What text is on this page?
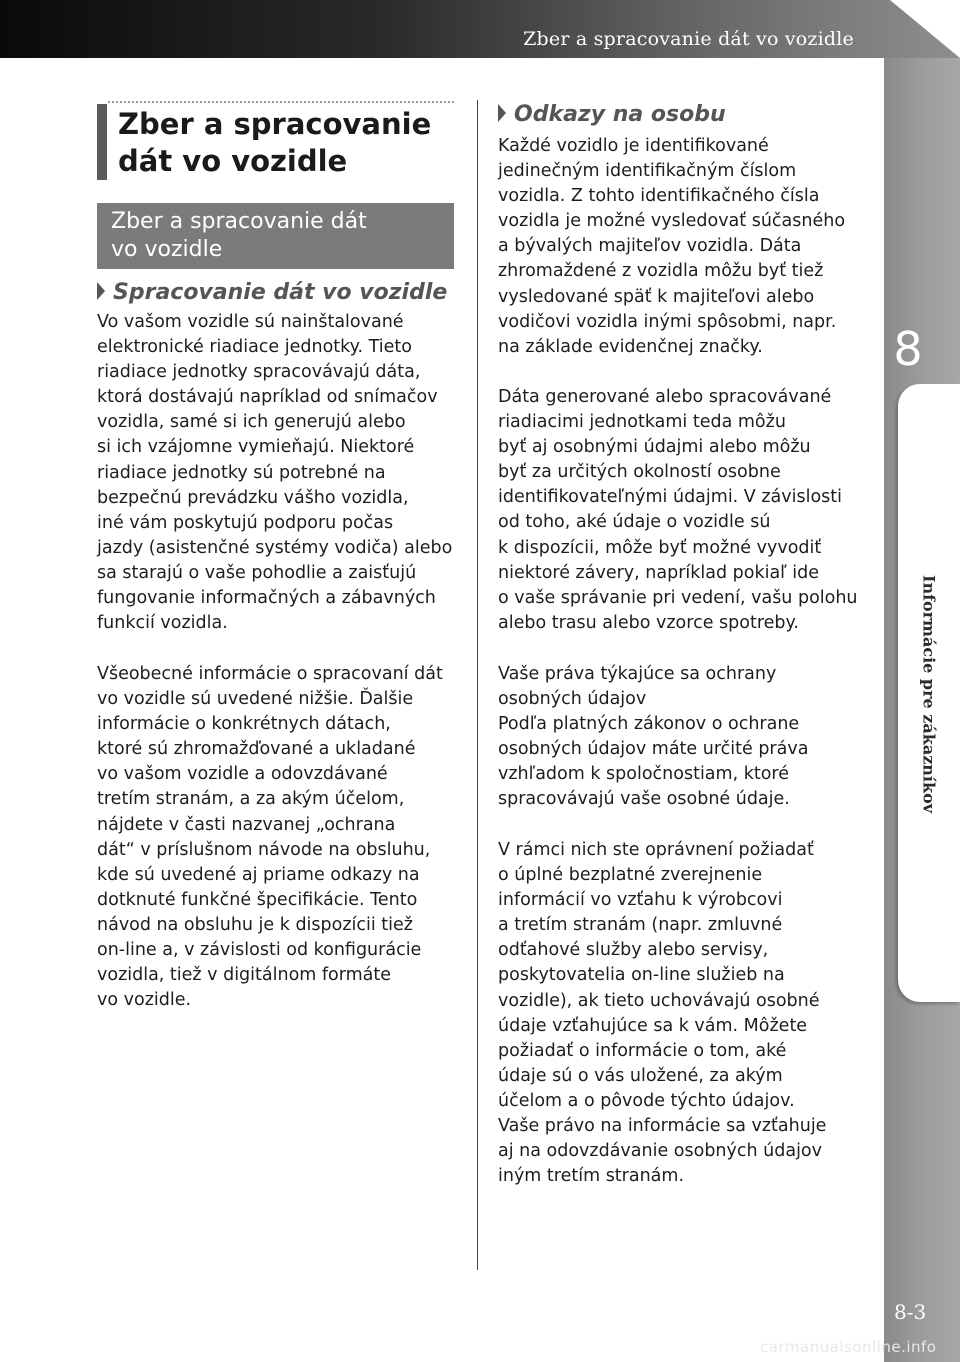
Zber a spracovanie dát vo vozidle
8
Informácie pre zákazníkov
8-3
carmanualsonline.info
Zber a spracovanie
dát vo vozidle
Zber a spracovanie dát
vo vozidle
Spracovanie dát vo vozidle
Vo vašom vozidle sú nainštalované
elektronické riadiace jednotky. Tieto
riadiace jednotky spracovávajú dáta,
ktorá dostávajú napríklad od snímačov
vozidla, samé si ich generujú alebo
si ich vzájomne vymieňajú. Niektoré
riadiace jednotky sú potrebné na
bezpečnú prevádzku vášho vozidla,
iné vám poskytujú podporu počas
jazdy (asistenčné systémy vodiča) alebo
sa starajú o vaše pohodlie a zaisťujú
fungovanie informačných a zábavných
funkcií vozidla.
Všeobecné informácie o spracovaní dát
vo vozidle sú uvedené nižšie. Ďalšie
informácie o konkrétnych dátach,
ktoré sú zhromažďované a ukladané
vo vašom vozidle a odovzdávané
tretím stranám, a za akým účelom,
nájdete v časti nazvanej „ochrana
dát“ v príslušnom návode na obsluhu,
kde sú uvedené aj priame odkazy na
dotknuté funkčné špecifikácie. Tento
návod na obsluhu je k dispozícii tiež
on-line a, v závislosti od konfigurácie
vozidla, tiež v digitálnom formáte
vo vozidle.
Odkazy na osobu
Každé vozidlo je identifikované
jedinečným identifikačným číslom
vozidla. Z tohto identifikačného čísla
vozidla je možné vysledovať súčasného
a bývalých majiteľov vozidla. Dáta
zhromaždené z vozidla môžu byť tiež
vysledované späť k majiteľovi alebo
vodičovi vozidla inými spôsobmi, napr.
na základe evidenčnej značky.
Dáta generované alebo spracovávané
riadiacimi jednotkami teda môžu
byť aj osobnými údajmi alebo môžu
byť za určitých okolností osobne
identifikovateľnými údajmi. V závislosti
od toho, aké údaje o vozidle sú
k dispozícii, môže byť možné vyvodiť
niektoré závery, napríklad pokiaľ ide
o vaše správanie pri vedení, vašu polohu
alebo trasu alebo vzorce spotreby.
Vaše práva týkajúce sa ochrany
osobných údajov
Podľa platných zákonov o ochrane
osobných údajov máte určité práva
vzhľadom k spoločnostiam, ktoré
spracovávajú vaše osobné údaje.
V rámci nich ste oprávnení požiadať
o úplné bezplatné zverejnenie
informácií vo vzťahu k výrobcovi
a tretím stranám (napr. zmluvné
odťahové služby alebo servisy,
poskytovatelia on-line služieb na
vozidle), ak tieto uchovávajú osobné
údaje vzťahujúce sa k vám. Môžete
požiadať o informácie o tom, aké
údaje sú o vás uložené, za akým
účelom a o pôvode týchto údajov.
Vaše právo na informácie sa vzťahuje
aj na odovzdávanie osobných údajov
iným tretím stranám.
